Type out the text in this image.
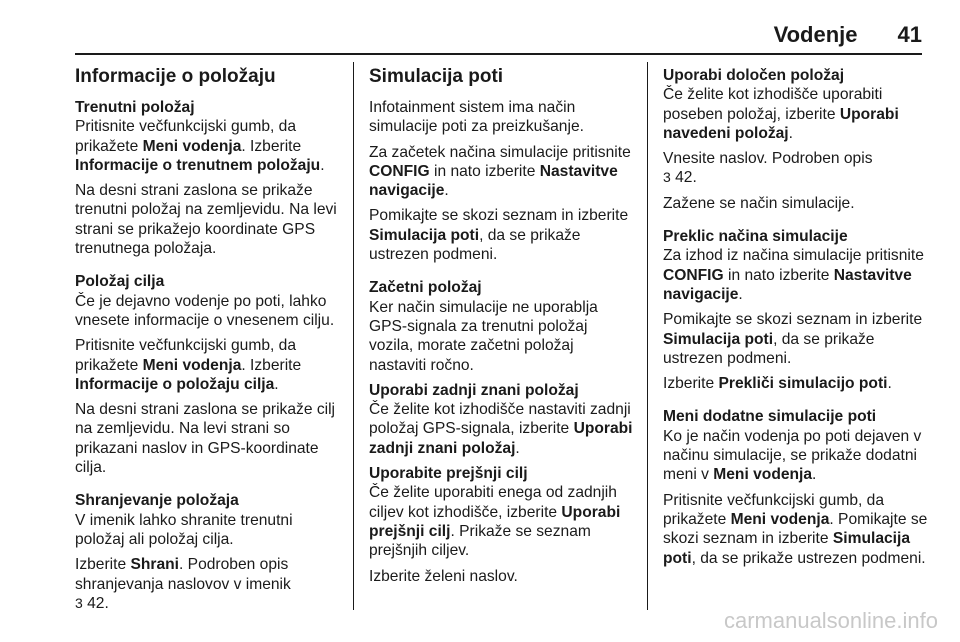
Vodenje 41
Informacije o položaju
Trenutni položaj

Pritisnite večfunkcijski gumb, da prikažete Meni vodenja. Izberite Informacije o trenutnem položaju.

Na desni strani zaslona se prikaže trenutni položaj na zemljevidu. Na levi strani se prikažejo koordinate GPS trenutnega položaja.

Položaj cilja

Če je dejavno vodenje po poti, lahko vnesete informacije o vnesenem cilju.

Pritisnite večfunkcijski gumb, da prikažete Meni vodenja. Izberite Informacije o položaju cilja.

Na desni strani zaslona se prikaže cilj na zemljevidu. Na levi strani so prikazani naslov in GPS-koordinate cilja.

Shranjevanje položaja

V imenik lahko shranite trenutni položaj ali položaj cilja.

Izberite Shrani. Podroben opis shranjevanja naslovov v imenik
3 42.

Simulacija poti

Infotainment sistem ima način simulacije poti za preizkušanje.

Za začetek načina simulacije pritisnite CONFIG in nato izberite Nastavitve navigacije.

Pomikajte se skozi seznam in izberite Simulacija poti, da se prikaže ustrezen podmeni.

Začetni položaj

Ker način simulacije ne uporablja GPS-signala za trenutni položaj vozila, morate začetni položaj nastaviti ročno.

Uporabi zadnji znani položaj

Če želite kot izhodišče nastaviti zadnji položaj GPS-signala, izberite Uporabi zadnji znani položaj.

Uporabite prejšnji cilj

Če želite uporabiti enega od zadnjih ciljev kot izhodišče, izberite Uporabi prejšnji cilj. Prikaže se seznam prejšnjih ciljev.

Izberite želeni naslov.

Uporabi določen položaj

Če želite kot izhodišče uporabiti poseben položaj, izberite Uporabi navedeni položaj.

Vnesite naslov. Podroben opis
3 42.

Zažene se način simulacije.

Preklic načina simulacije

Za izhod iz načina simulacije pritisnite CONFIG in nato izberite Nastavitve navigacije.

Pomikajte se skozi seznam in izberite Simulacija poti, da se prikaže ustrezen podmeni.

Izberite Prekliči simulacijo poti.

Meni dodatne simulacije poti

Ko je način vodenja po poti dejaven v načinu simulacije, se prikaže dodatni meni v Meni vodenja.

Pritisnite večfunkcijski gumb, da prikažete Meni vodenja. Pomikajte se skozi seznam in izberite Simulacija poti, da se prikaže ustrezen podmeni.

carmanualsonline.info
